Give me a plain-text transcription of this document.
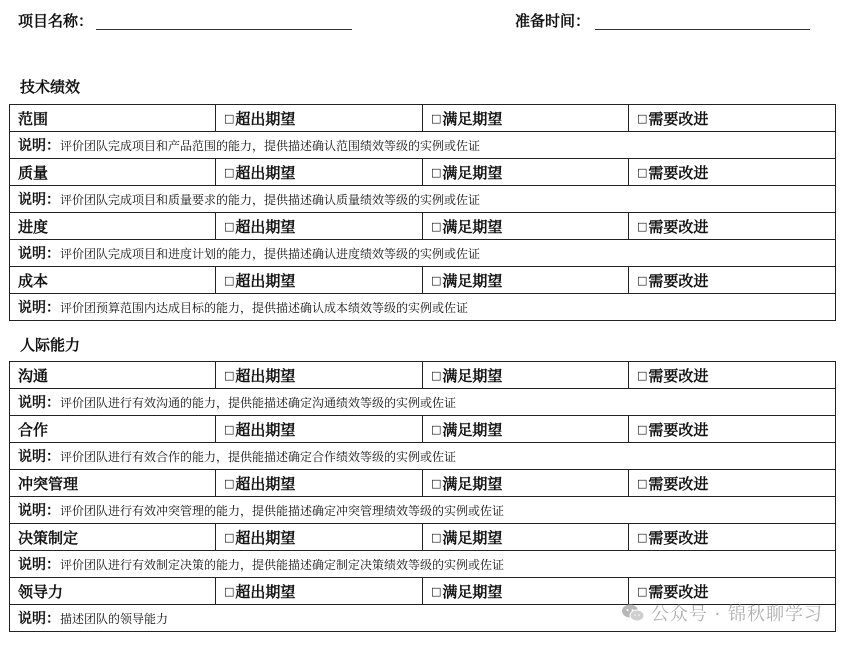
项目名称：	准备时间：
技术绩效
范围	□ 超出期望	□ 满足期望	□ 需要改进

说明：评价团队完成项目和产品范围的能力，提供描述确认范围绩效等级的实例或佐证			
质量	□ 超出期望	□ 满足期望	□ 需要改进

说明：评价团队完成项目和质量要求的能力，提供描述确认质量绩效等级的实例或佐证			
进度	□ 超出期望	□ 满足期望	□ 需要改进

说明：评价团队完成项目和进度计划的能力，提供描述确认进度绩效等级的实例或佐证			
成本	□ 超出期望	□ 满足期望	□ 需要改进

说明：评价团预算范围内达成目标的能力，提供描述确认成本绩效等级的实例或佐证			
人际能力
沟通	□ 超出期望	□ 满足期望	□ 需要改进

说明：评价团队进行有效沟通的能力，提供能描述确定沟通绩效等级的实例或佐证			
合作	□ 超出期望	□ 满足期望	□ 需要改进

说明：评价团队进行有效合作的能力，提供能描述确定合作绩效等级的实例或佐证			
冲突管理	□ 超出期望	□ 满足期望	□ 需要改进

说明：评价团队进行有效冲突管理的能力，提供能描述确定冲突管理绩效等级的实例或佐证			
决策制定	□ 超出期望	□ 满足期望	□ 需要改进

说明：评价团队进行有效制定决策的能力，提供能描述确定制定决策绩效等级的实例或佐证			
领导力	□ 超出期望	□ 满足期望	□ 需要改进

说明：描述团队的领导能力				公众号 · 锦秋聊学习
